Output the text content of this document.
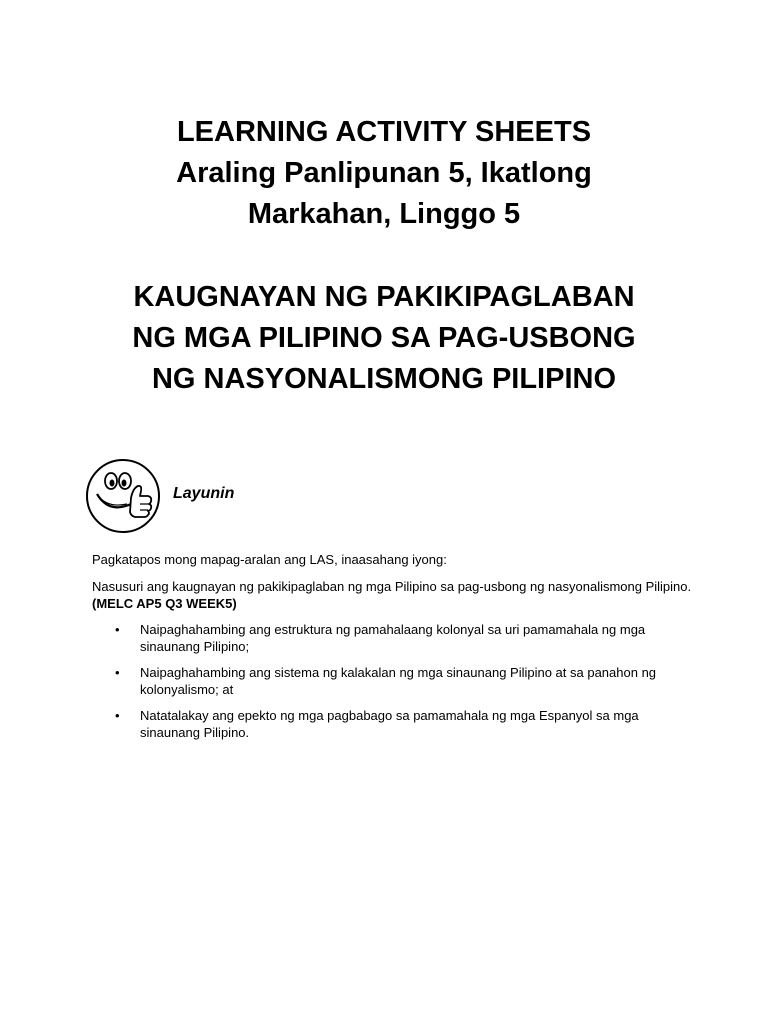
LEARNING ACTIVITY SHEETS

Araling Panlipunan 5, Ikatlong

Markahan, Linggo 5

KAUGNAYAN NG PAKIKIPAGLABAN

NG MGA PILIPINO SA PAG-USBONG

NG NASYONALISMONG PILIPINO

Layunin

Pagkatapos mong mapag-aralan ang LAS, inaasahang iyong:

Nasusuri ang kaugnayan ng pakikipaglaban ng mga Pilipino sa pag-usbong ng nasyonalismong Pilipino. (MELC AP5 Q3 WEEK5)

• Naipaghahambing ang estruktura ng pamahalaang kolonyal sa uri pamamahala ng mga sinaunang Pilipino;
• Naipaghahambing ang sistema ng kalakalan ng mga sinaunang Pilipino at sa panahon ng kolonyalismo; at
• Natatalakay ang epekto ng mga pagbabago sa pamamahala ng mga Espanyol sa mga sinaunang Pilipino.
